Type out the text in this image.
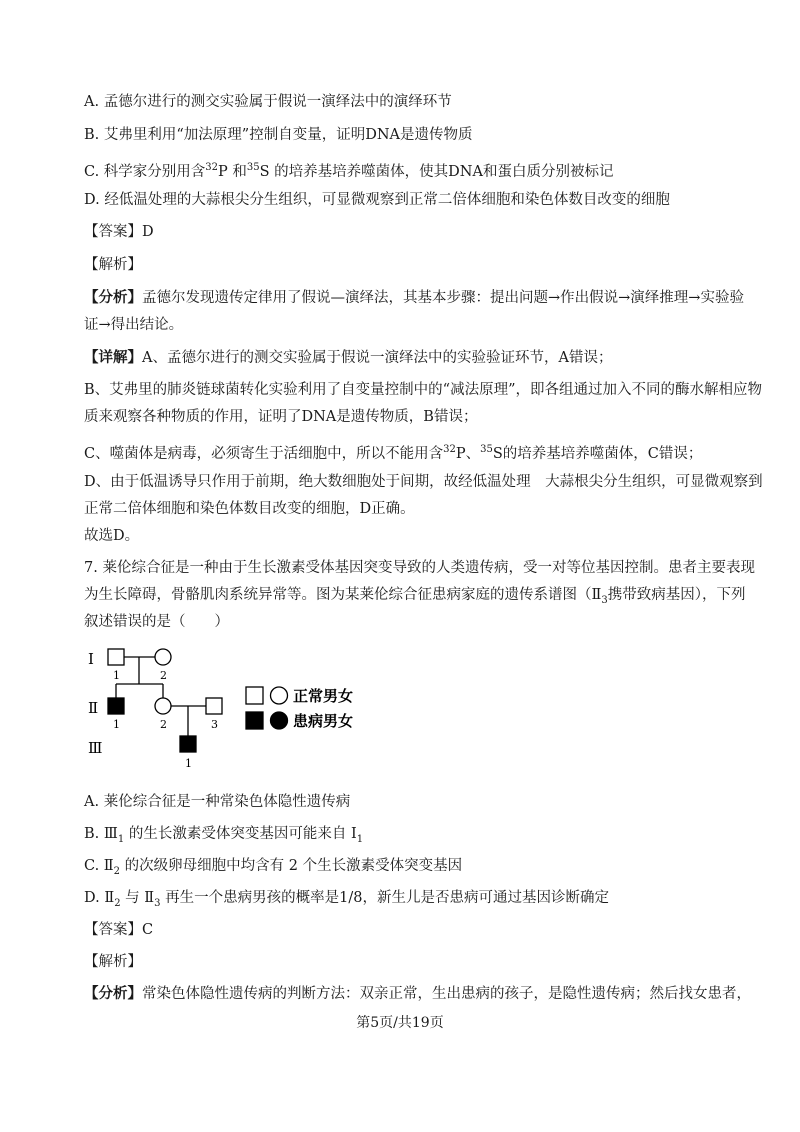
A. 孟德尔进行的测交实验属于假说一演绎法中的演绎环节
B. 艾弗里利用“加法原理”控制自变量，证明DNA是遗传物质
C. 科学家分别用含$^{32}$P 和$^{35}$S 的培养基培养噬菌体，使其DNA和蛋白质分别被标记
D. 经低温处理的大蒜根尖分生组织，可显微观察到正常二倍体细胞和染色体数目改变的细胞
【答案】D
【解析】
【分析】孟德尔发现遗传定律用了假说—演绎法，其基本步骤：提出问题→作出假说→演绎推理→实验验
证→得出结论。
【详解】A、孟德尔进行的测交实验属于假说一演绎法中的实验验证环节，A错误；
B、艾弗里的肺炎链球菌转化实验利用了自变量控制中的“减法原理”，即各组通过加入不同的酶水解相应物
质来观察各种物质的作用，证明了DNA是遗传物质，B错误；
C、噬菌体是病毒，必须寄生于活细胞中，所以不能用含$^{32}$P、$^{35}$S的培养基培养噬菌体，C错误；
D、由于低温诱导只作用于前期，绝大数细胞处于间期，故经低温处理　大蒜根尖分生组织，可显微观察到
正常二倍体细胞和染色体数目改变的细胞，D正确。
故选D。
7. 莱伦综合征是一种由于生长激素受体基因突变导致的人类遗传病，受一对等位基因控制。患者主要表现
为生长障碍，骨骼肌肉系统异常等。图为某莱伦综合征患病家庭的遗传系谱图（$Ⅱ_3$携带致病基因），下列
叙述错误的是（　　）
Ⅰ
Ⅱ
Ⅲ
1	2
1	2	3
1
正常男女
患病男女
A. 莱伦综合征是一种常染色体隐性遗传病
B. $Ⅲ_1$ 的生长激素受体突变基因可能来自 $Ⅰ_1$
C. $Ⅱ_2$ 的次级卵母细胞中均含有 2 个生长激素受体突变基因
D. $Ⅱ_2$ 与 $Ⅱ_3$ 再生一个患病男孩的概率是1/8，新生儿是否患病可通过基因诊断确定
【答案】C
【解析】
【分析】常染色体隐性遗传病的判断方法：双亲正常，生出患病的孩子，是隐性遗传病；然后找女患者，
第5页/共19页
